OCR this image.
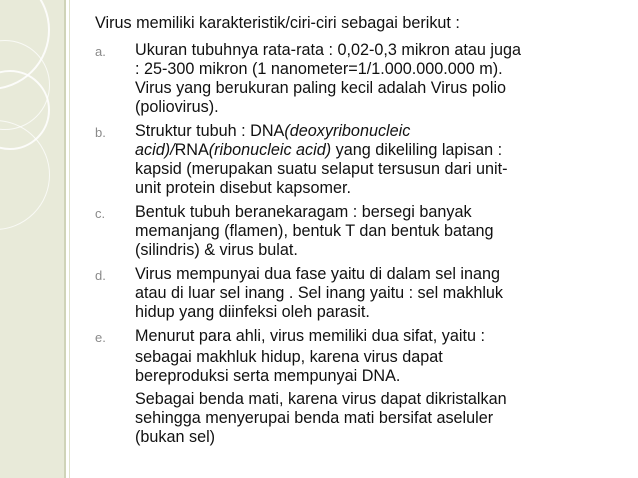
Virus memiliki karakteristik/ciri-ciri sebagai berikut :
a. Ukuran tubuhnya rata-rata : 0,02-0,3 mikron atau juga
: 25-300 mikron (1 nanometer=1/1.000.000.000 m).
Virus yang berukuran paling kecil adalah Virus polio
(poliovirus).
b. Struktur tubuh : DNA(deoxyribonucleic
acid)/RNA(ribonucleic acid) yang dikeliling lapisan :
kapsid (merupakan suatu selaput tersusun dari unit-
unit protein disebut kapsomer.
c. Bentuk tubuh beranekaragam : bersegi banyak
memanjang (flamen), bentuk T dan bentuk batang
(silindris) & virus bulat.
d. Virus mempunyai dua fase yaitu di dalam sel inang
atau di luar sel inang . Sel inang yaitu : sel makhluk
hidup yang diinfeksi oleh parasit.
e. Menurut para ahli, virus memiliki dua sifat, yaitu :
sebagai makhluk hidup, karena virus dapat
bereproduksi serta mempunyai DNA.
Sebagai benda mati, karena virus dapat dikristalkan
sehingga menyerupai benda mati bersifat aseluler
(bukan sel)
